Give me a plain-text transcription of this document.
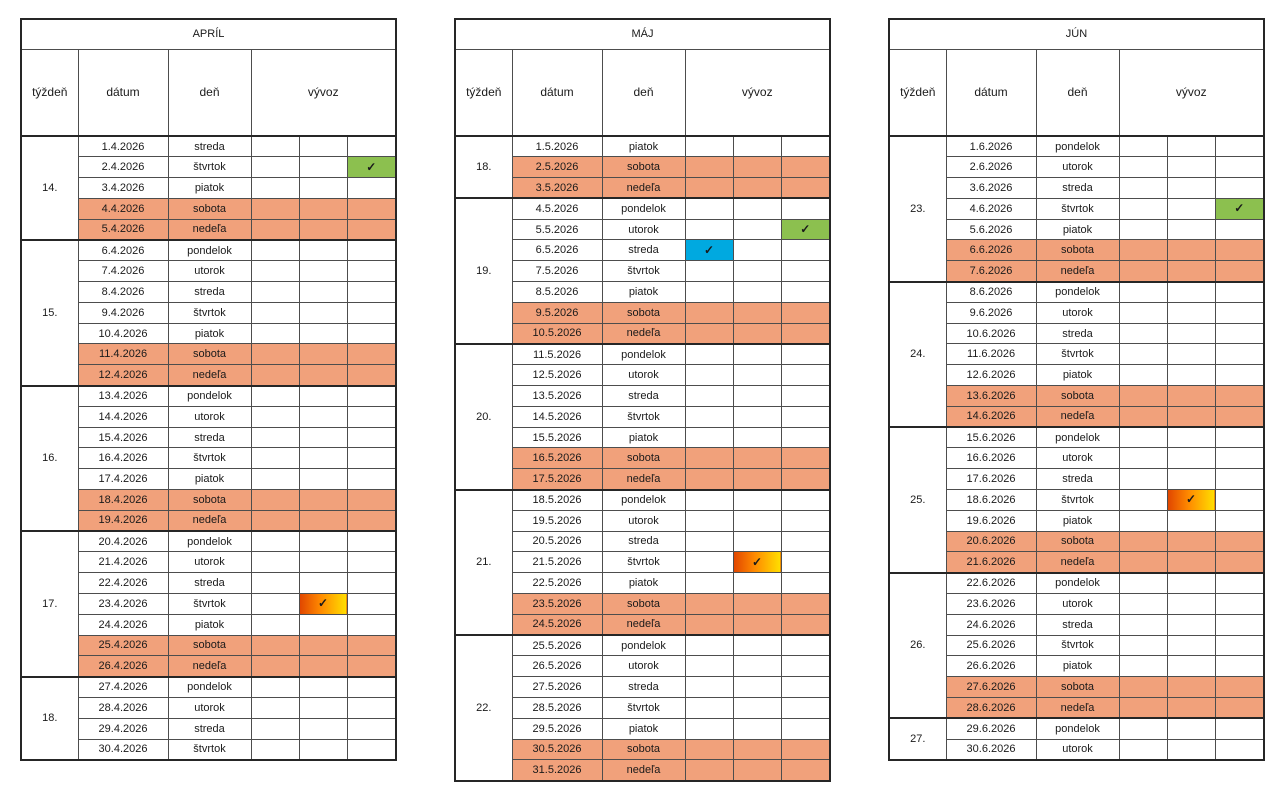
APRÍL					
týždeň	dátum	deň	vývoz		
14.	1.4.2026	streda			
	2.4.2026	štvrtok			✓
	3.4.2026	piatok			
	4.4.2026	sobota			
	5.4.2026	nedeľa			
15.	6.4.2026	pondelok			
	7.4.2026	utorok			
	8.4.2026	streda			
	9.4.2026	štvrtok			
	10.4.2026	piatok			
	11.4.2026	sobota			
	12.4.2026	nedeľa			
16.	13.4.2026	pondelok			
	14.4.2026	utorok			
	15.4.2026	streda			
	16.4.2026	štvrtok			
	17.4.2026	piatok			
	18.4.2026	sobota			
	19.4.2026	nedeľa			
17.	20.4.2026	pondelok			
	21.4.2026	utorok			
	22.4.2026	streda			
	23.4.2026	štvrtok		✓	
	24.4.2026	piatok			
	25.4.2026	sobota			
	26.4.2026	nedeľa			
18.	27.4.2026	pondelok			
	28.4.2026	utorok			
	29.4.2026	streda			
	30.4.2026	štvrtok			
MÁJ					
týždeň	dátum	deň	vývoz		
18.	1.5.2026	piatok			
	2.5.2026	sobota			
	3.5.2026	nedeľa			
19.	4.5.2026	pondelok			
	5.5.2026	utorok			✓
	6.5.2026	streda	✓		
	7.5.2026	štvrtok			
	8.5.2026	piatok			
	9.5.2026	sobota			
	10.5.2026	nedeľa			
20.	11.5.2026	pondelok			
	12.5.2026	utorok			
	13.5.2026	streda			
	14.5.2026	štvrtok			
	15.5.2026	piatok			
	16.5.2026	sobota			
	17.5.2026	nedeľa			
21.	18.5.2026	pondelok			
	19.5.2026	utorok			
	20.5.2026	streda			
	21.5.2026	štvrtok		✓	
	22.5.2026	piatok			
	23.5.2026	sobota			
	24.5.2026	nedeľa			
22.	25.5.2026	pondelok			
	26.5.2026	utorok			
	27.5.2026	streda			
	28.5.2026	štvrtok			
	29.5.2026	piatok			
	30.5.2026	sobota			
	31.5.2026	nedeľa			
JÚN					
týždeň	dátum	deň	vývoz		
23.	1.6.2026	pondelok			
	2.6.2026	utorok			
	3.6.2026	streda			
	4.6.2026	štvrtok			✓
	5.6.2026	piatok			
	6.6.2026	sobota			
	7.6.2026	nedeľa			
24.	8.6.2026	pondelok			
	9.6.2026	utorok			
	10.6.2026	streda			
	11.6.2026	štvrtok			
	12.6.2026	piatok			
	13.6.2026	sobota			
	14.6.2026	nedeľa			
25.	15.6.2026	pondelok			
	16.6.2026	utorok			
	17.6.2026	streda			
	18.6.2026	štvrtok		✓	
	19.6.2026	piatok			
	20.6.2026	sobota			
	21.6.2026	nedeľa			
26.	22.6.2026	pondelok			
	23.6.2026	utorok			
	24.6.2026	streda			
	25.6.2026	štvrtok			
	26.6.2026	piatok			
	27.6.2026	sobota			
	28.6.2026	nedeľa			
27.	29.6.2026	pondelok			
	30.6.2026	utorok			
